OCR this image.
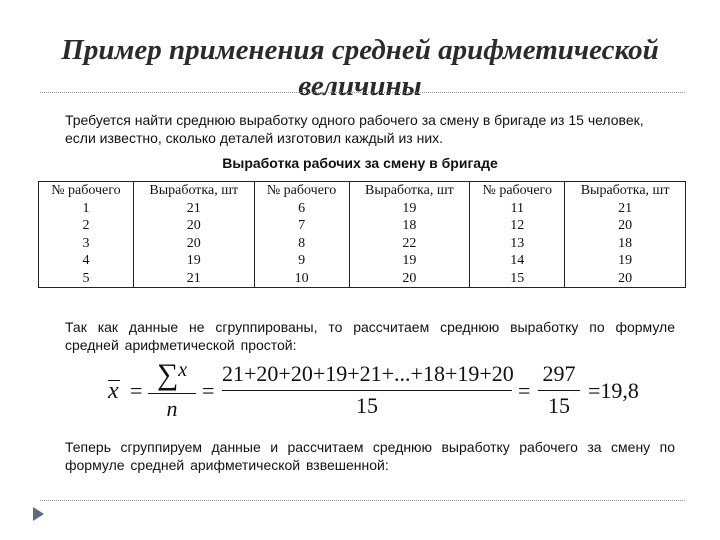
Пример применения средней арифметической величины

Требуется найти среднюю выработку одного рабочего за смену в бригаде из 15 человек, если известно, сколько деталей изготовил каждый из них.

Выработка рабочих за смену в бригаде

№ рабочего	Выработка, шт	№ рабочего	Выработка, шт	№ рабочего	Выработка, шт
1	21	6	19	11	21
2	20	7	18	12	20
3	20	8	22	13	18
4	19	9	19	14	19
5	21	10	20	15	20

Так как данные не сгруппированы, то рассчитаем среднюю выработку по формуле средней арифметической простой:

x = ∑x
n
=
21+20+20+19+21+...+18+19+20
15
=
297
15
=19,8

Теперь сгруппируем данные и рассчитаем среднюю выработку рабочего за смену по формуле средней арифметической взвешенной:
